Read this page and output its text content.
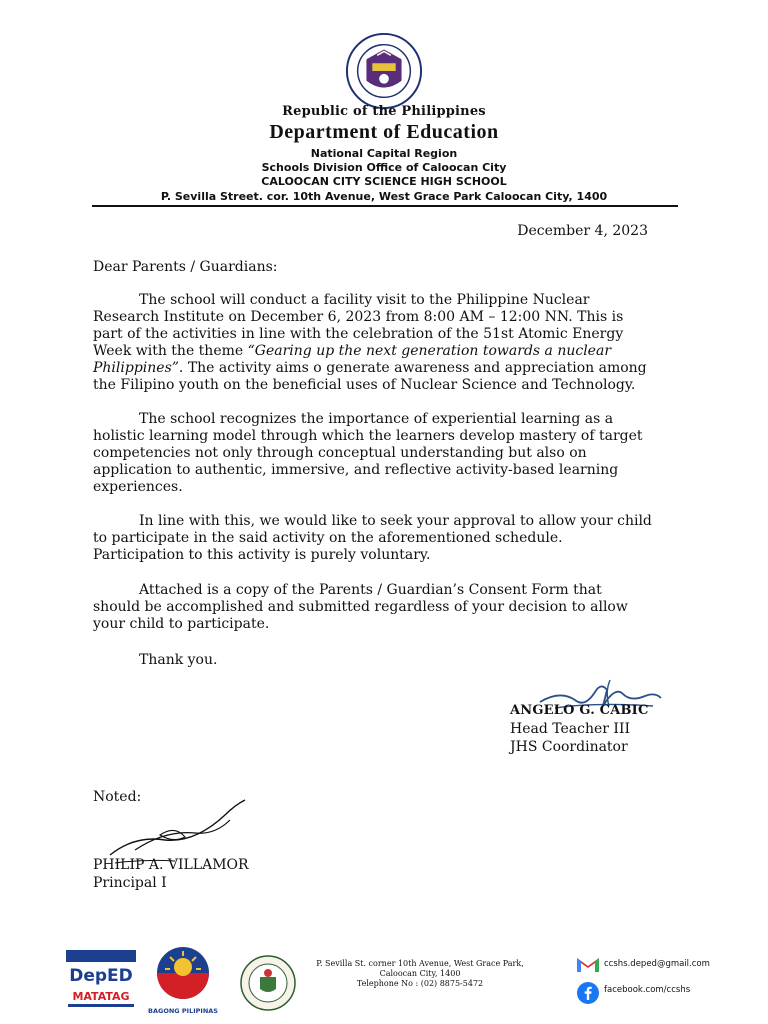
Republic of the Philippines
Department of Education
National Capital Region
Schools Division Office of Caloocan City
CALOOCAN CITY SCIENCE HIGH SCHOOL
P. Sevilla Street. cor. 10th Avenue, West Grace Park Caloocan City, 1400
December 4, 2023
Dear Parents / Guardians:
The school will conduct a facility visit to the Philippine Nuclear Research Institute on December 6, 2023 from 8:00 AM – 12:00 NN. This is part of the activities in line with the celebration of the 51st Atomic Energy Week with the theme “Gearing up the next generation towards a nuclear Philippines”. The activity aims o generate awareness and appreciation among the Filipino youth on the beneficial uses of Nuclear Science and Technology.
The school recognizes the importance of experiential learning as a holistic learning model through which the learners develop mastery of target competencies not only through conceptual understanding but also on application to authentic, immersive, and reflective activity-based learning experiences.
In line with this, we would like to seek your approval to allow your child to participate in the said activity on the aforementioned schedule. Participation to this activity is purely voluntary.
Attached is a copy of the Parents / Guardian’s Consent Form that should be accomplished and submitted regardless of your decision to allow your child to participate.
Thank you.
ANGELO G. CABIC
Head Teacher III
JHS Coordinator
Noted:
PHILIP A. VILLAMOR
Principal I
DepED
MATATAG
BAGONG PILIPINAS
P. Sevilla St. corner 10th Avenue, West Grace Park,
Caloocan City, 1400
Telephone No : (02) 8875-5472
ccshs.deped@gmail.com
facebook.com/ccshs
